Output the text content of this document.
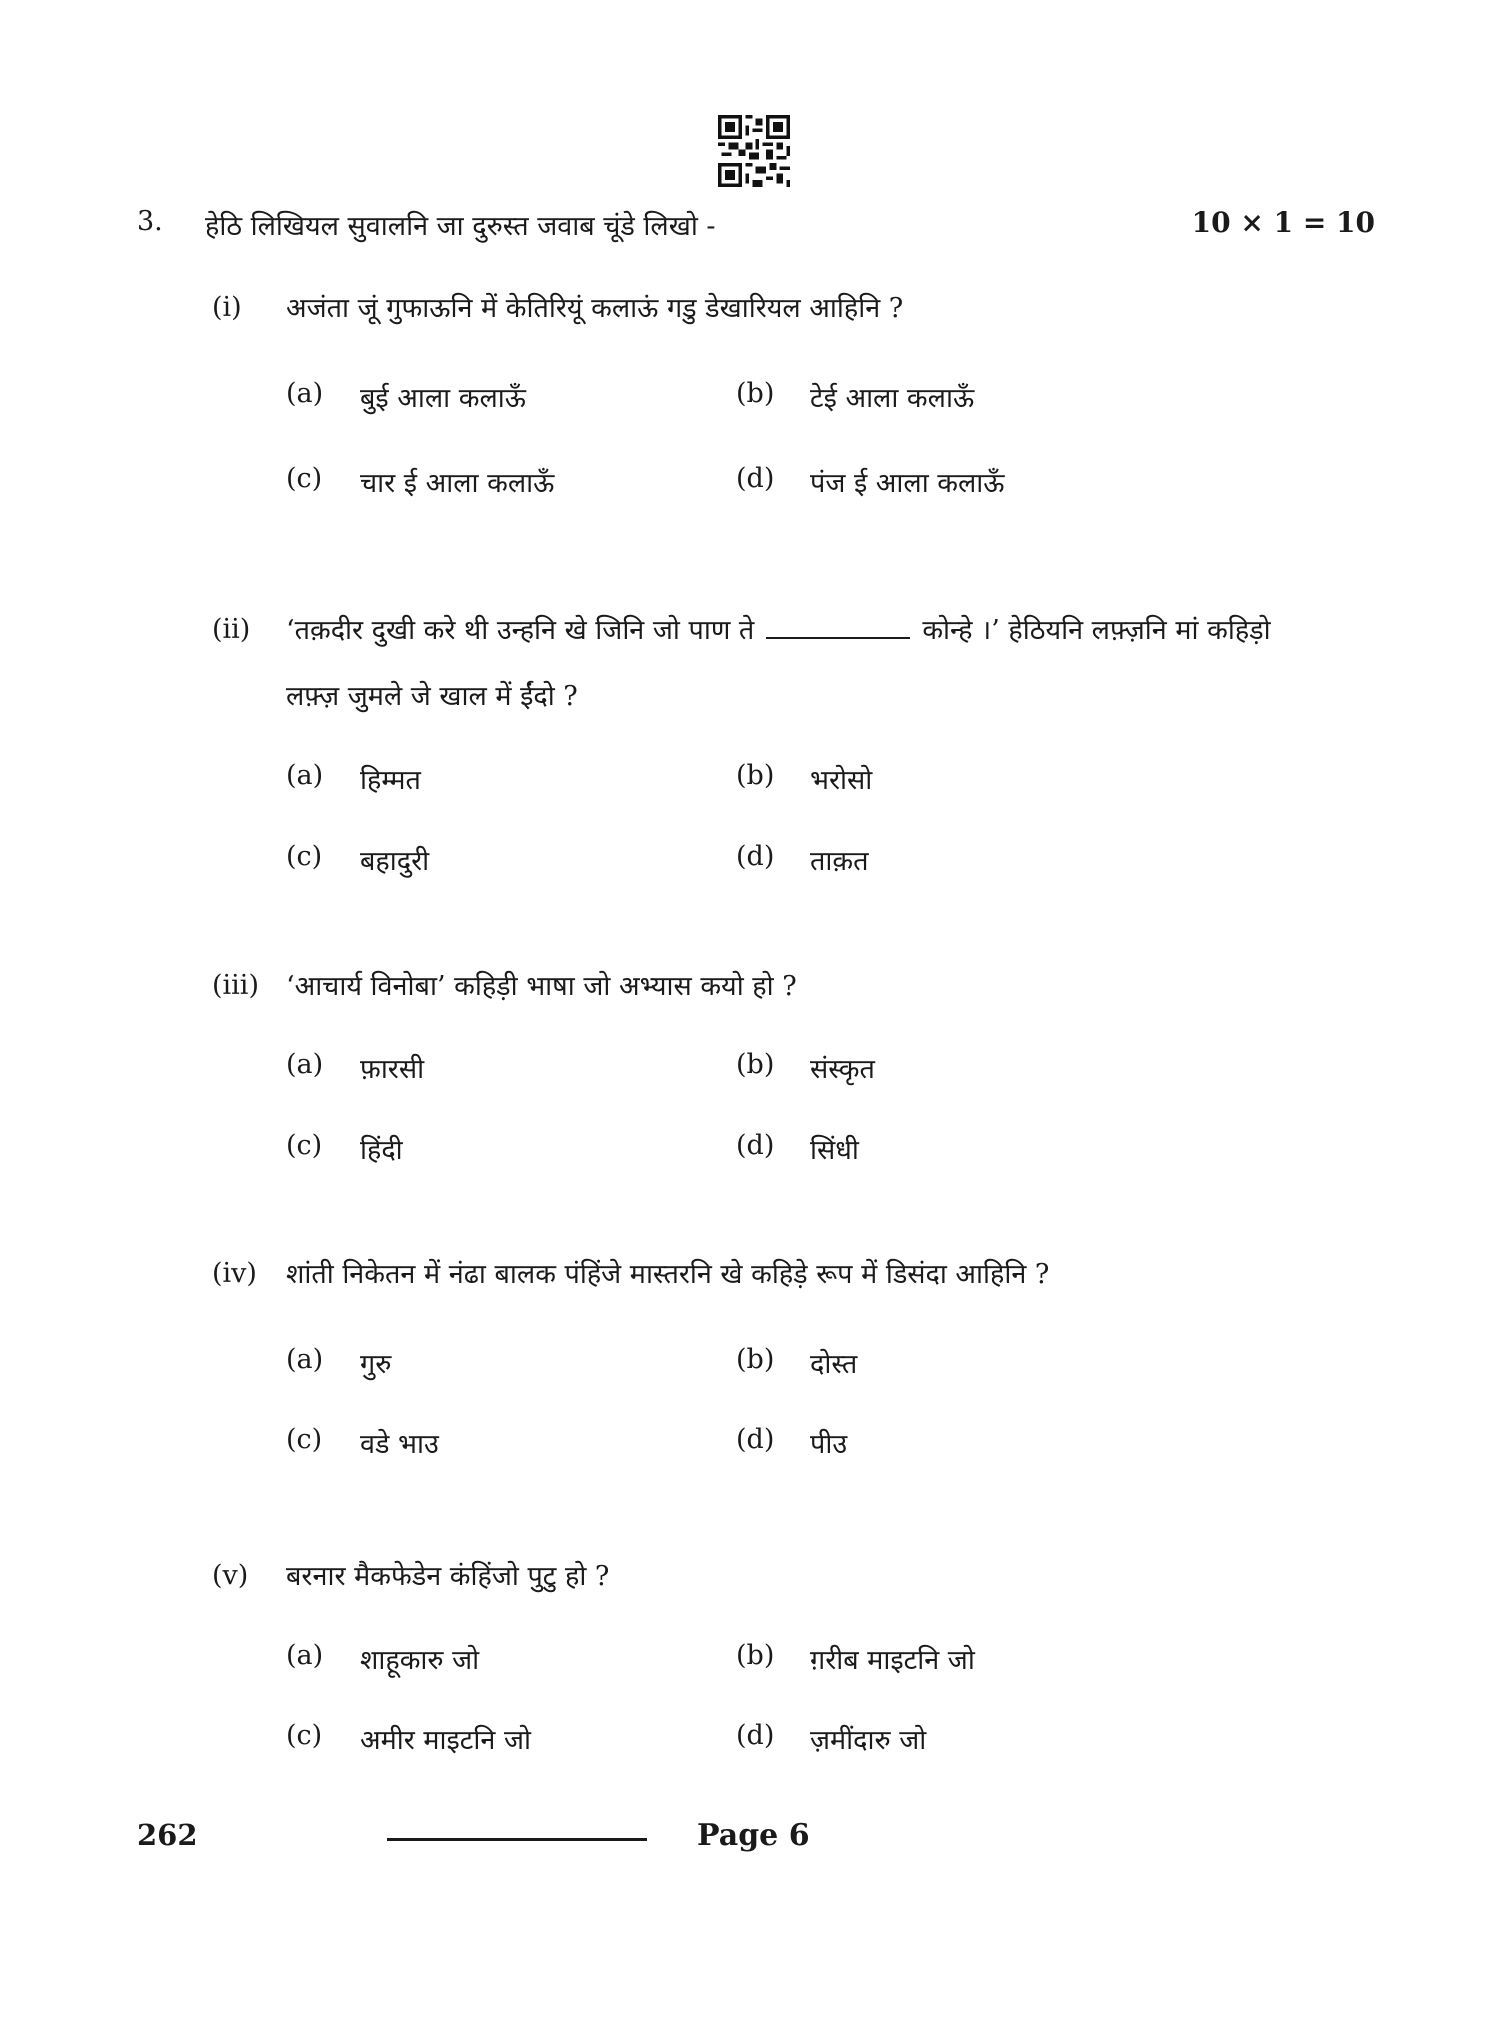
3. हेठि लिखियल सुवालनि जा दुरुस्त जवाब चूंडे लिखो -	10 × 1 = 10
(i) अजंता जूं गुफाऊनि में केतिरियूं कलाऊं गडु डेखारियल आहिनि ?
(a) बुई आला कलाऊँ	(b) टेई आला कलाऊँ
(c) चार ई आला कलाऊँ	(d) पंज ई आला कलाऊँ
(ii) ‘तक़दीर दुखी करे थी उन्हनि खे जिनि जो पाण ते	कोन्हे ।’ हेठियनि लफ़्ज़नि मां कहिड़ो लफ़्ज़ जुमले जे खाल में ईंदो ?
(a) हिम्मत	(b) भरोसो
(c) बहादुरी	(d) ताक़त
(iii) ‘आचार्य विनोबा’ कहिड़ी भाषा जो अभ्यास कयो हो ?
(a) फ़ारसी	(b) संस्कृत
(c) हिंदी	(d) सिंधी
(iv) शांती निकेतन में नंढा बालक पंहिंजे मास्तरनि खे कहिड़े रूप में डिसंदा आहिनि ?
(a) गुरु	(b) दोस्त
(c) वडे भाउ	(d) पीउ
(v) बरनार मैकफेडेन कंहिंजो पुटु हो ?
(a) शाहूकारु जो	(b) ग़रीब माइटनि जो
(c) अमीर माइटनि जो	(d) ज़मींदारु जो
262	Page 6
